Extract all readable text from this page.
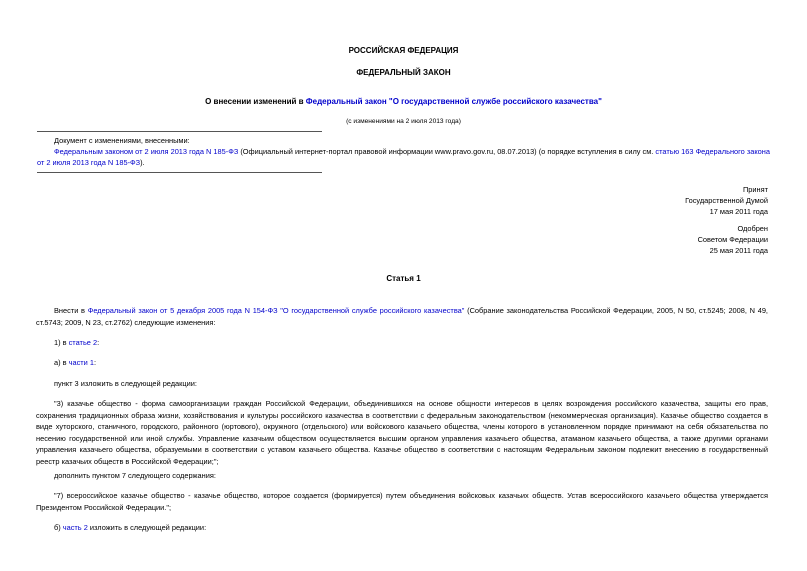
РОССИЙСКАЯ ФЕДЕРАЦИЯ
ФЕДЕРАЛЬНЫЙ ЗАКОН
О внесении изменений в Федеральный закон "О государственной службе российского казачества"
(с изменениями на 2 июля 2013 года)
Документ с изменениями, внесенными:
Федеральным законом от 2 июля 2013 года N 185-ФЗ (Официальный интернет-портал правовой информации www.pravo.gov.ru, 08.07.2013) (о порядке вступления в силу см. статью 163 Федерального закона от 2 июля 2013 года N 185-ФЗ).
Принят
Государственной Думой
17 мая 2011 года
Одобрен
Советом Федерации
25 мая 2011 года
Статья 1
Внести в Федеральный закон от 5 декабря 2005 года N 154-ФЗ "О государственной службе российского казачества" (Собрание законодательства Российской Федерации, 2005, N 50, ст.5245; 2008, N 49, ст.5743; 2009, N 23, ст.2762) следующие изменения:
1) в статье 2:
а) в части 1:
пункт 3 изложить в следующей редакции:
"3) казачье общество - форма самоорганизации граждан Российской Федерации, объединившихся на основе общности интересов в целях возрождения российского казачества, защиты его прав, сохранения традиционных образа жизни, хозяйствования и культуры российского казачества в соответствии с федеральным законодательством (некоммерческая организация). Казачье общество создается в виде хуторского, станичного, городского, районного (юртового), окружного (отдельского) или войскового казачьего общества, члены которого в установленном порядке принимают на себя обязательства по несению государственной или иной службы. Управление казачьим обществом осуществляется высшим органом управления казачьего общества, атаманом казачьего общества, а также другими органами управления казачьего общества, образуемыми в соответствии с уставом казачьего общества. Казачье общество в соответствии с настоящим Федеральным законом подлежит внесению в государственный реестр казачьих обществ в Российской Федерации;";
дополнить пунктом 7 следующего содержания:
"7) всероссийское казачье общество - казачье общество, которое создается (формируется) путем объединения войсковых казачьих обществ. Устав всероссийского казачьего общества утверждается Президентом Российской Федерации.";
б) часть 2 изложить в следующей редакции:
